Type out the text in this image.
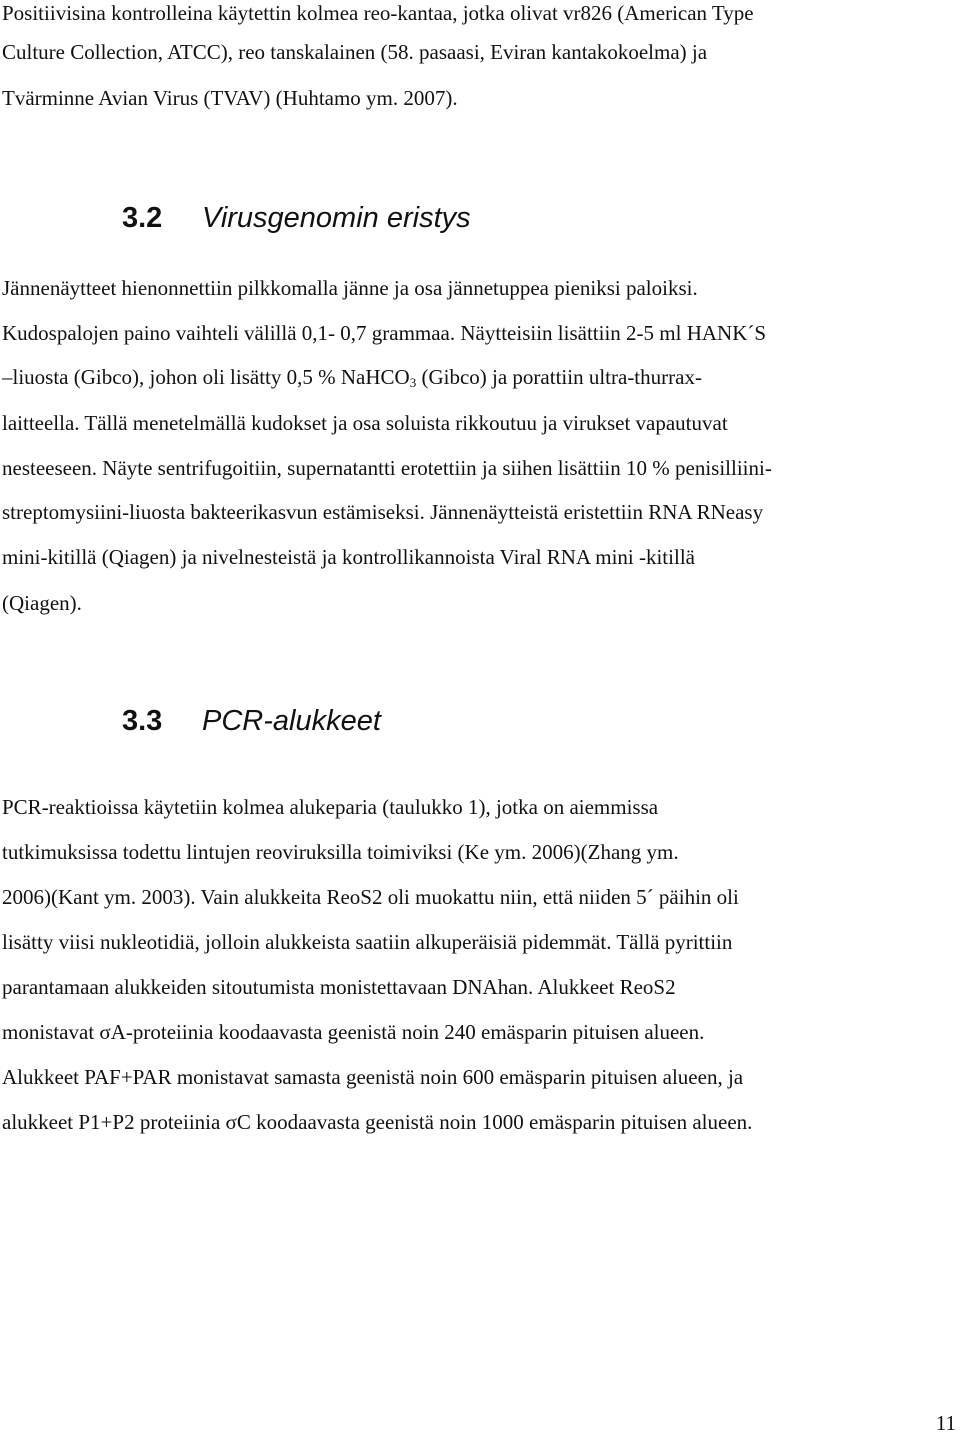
Positiivisina kontrolleina käytettin kolmea reo-kantaa, jotka olivat vr826 (American Type
Culture Collection, ATCC), reo tanskalainen (58. pasaasi, Eviran kantakokoelma) ja
Tvärminne Avian Virus (TVAV) (Huhtamo ym. 2007).
3.2 Virusgenomin eristys
Jännenäytteet hienonnettiin pilkkomalla jänne ja osa jännetuppea pieniksi paloiksi.
Kudospalojen paino vaihteli välillä 0,1- 0,7 grammaa. Näytteisiin lisättiin 2-5 ml HANK´S
–liuosta (Gibco), johon oli lisätty 0,5 % NaHCO$_3$ (Gibco) ja porattiin ultra-thurrax-
laitteella. Tällä menetelmällä kudokset ja osa soluista rikkoutuu ja virukset vapautuvat
nesteeseen. Näyte sentrifugoitiin, supernatantti erotettiin ja siihen lisättiin 10 % penisilliini-
streptomysiini-liuosta bakteerikasvun estämiseksi. Jännenäytteistä eristettiin RNA RNeasy
mini-kitillä (Qiagen) ja nivelnesteistä ja kontrollikannoista Viral RNA mini -kitillä
(Qiagen).
3.3 PCR-alukkeet
PCR-reaktioissa käytetiin kolmea alukeparia (taulukko 1), jotka on aiemmissa
tutkimuksissa todettu lintujen reoviruksilla toimiviksi (Ke ym. 2006)(Zhang ym.
2006)(Kant ym. 2003). Vain alukkeita ReoS2 oli muokattu niin, että niiden 5´ päihin oli
lisätty viisi nukleotidiä, jolloin alukkeista saatiin alkuperäisiä pidemmät. Tällä pyrittiin
parantamaan alukkeiden sitoutumista monistettavaan DNAhan. Alukkeet ReoS2
monistavat σA-proteiinia koodaavasta geenistä noin 240 emäsparin pituisen alueen.
Alukkeet PAF+PAR monistavat samasta geenistä noin 600 emäsparin pituisen alueen, ja
alukkeet P1+P2 proteiinia σC koodaavasta geenistä noin 1000 emäsparin pituisen alueen.
11
